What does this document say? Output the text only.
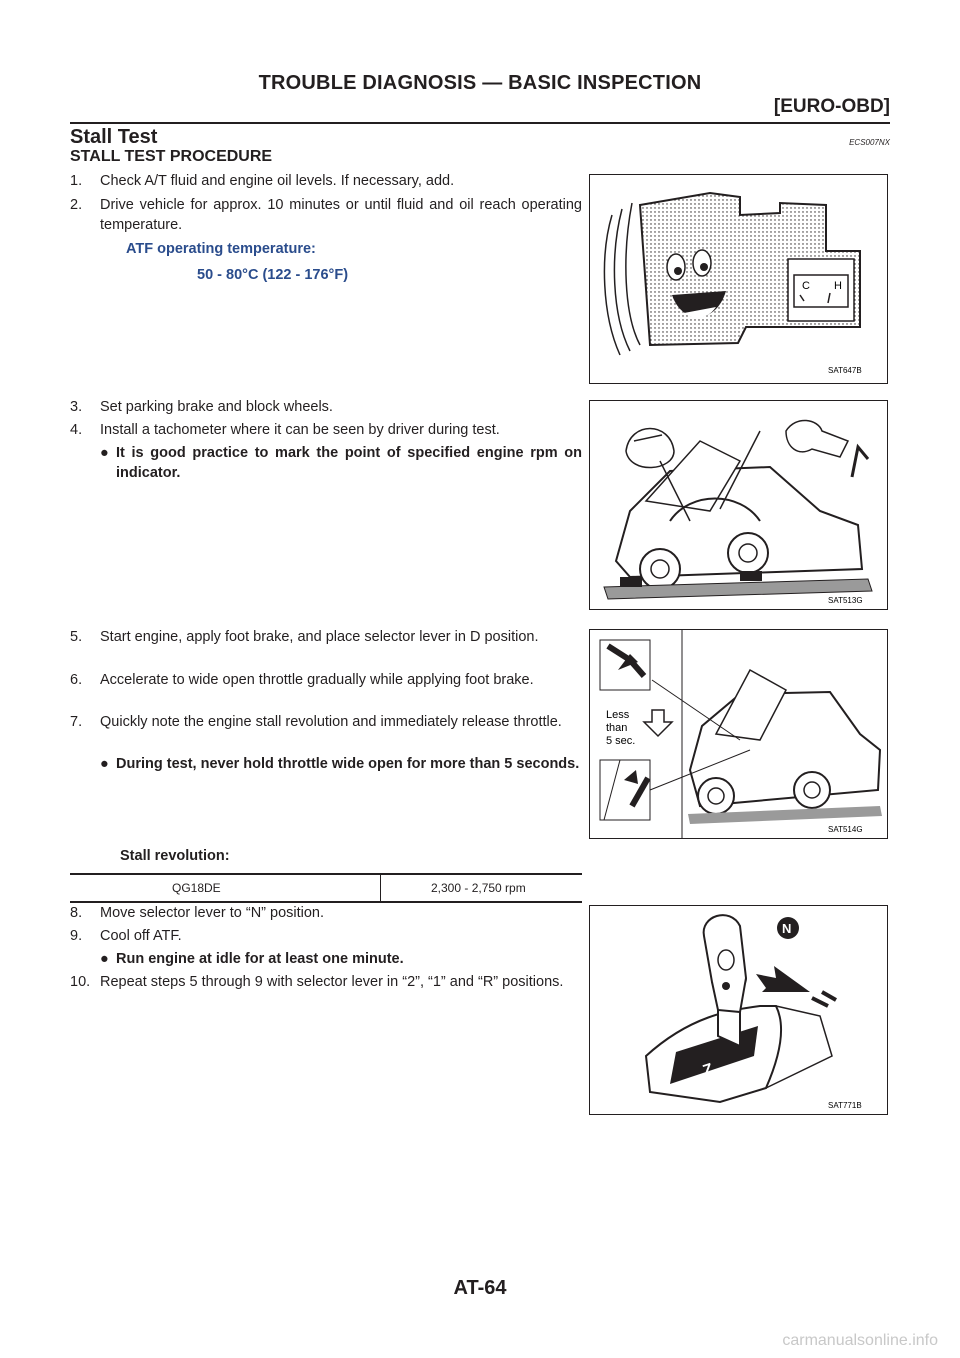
TROUBLE DIAGNOSIS — BASIC INSPECTION
[EURO-OBD]
Stall Test	ECS007NX
STALL TEST PROCEDURE
1. Check A/T fluid and engine oil levels. If necessary, add.
2. Drive vehicle for approx. 10 minutes or until fluid and oil reach operating temperature.
ATF operating temperature:
50 - 80°C (122 - 176°F)
C H
SAT647B
3. Set parking brake and block wheels.
4. Install a tachometer where it can be seen by driver during test.
● It is good practice to mark the point of specified engine rpm on indicator.
SAT513G
5. Start engine, apply foot brake, and place selector lever in D position.
6. Accelerate to wide open throttle gradually while applying foot brake.
7. Quickly note the engine stall revolution and immediately release throttle.
● During test, never hold throttle wide open for more than 5 seconds.
Less
than
5 sec.
SAT514G
Stall revolution:
QG18DE	2,300 - 2,750 rpm
8. Move selector lever to “N” position.
9. Cool off ATF.
● Run engine at idle for at least one minute.
10. Repeat steps 5 through 9 with selector lever in “2”, “1” and “R” positions.
Z
N
SAT771B
AT-64
carmanualsonline.info
